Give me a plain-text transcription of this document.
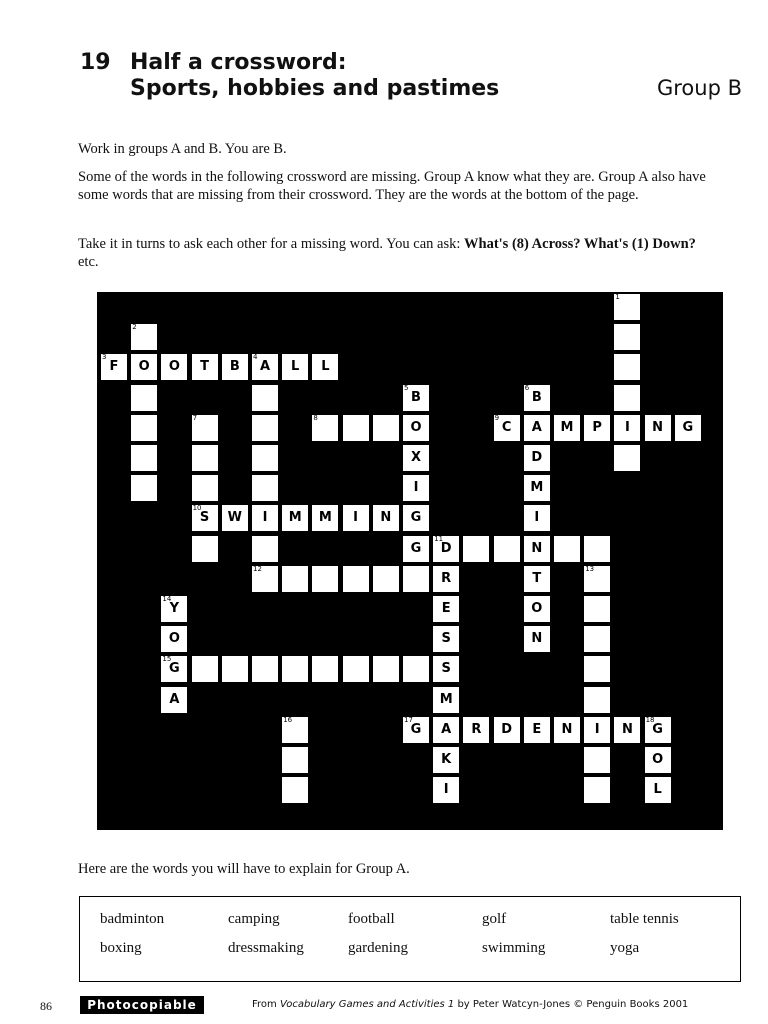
19 Half a crossword:
Sports, hobbies and pastimes	Group B
Work in groups A and B. You are B.
Some of the words in the following crossword are missing. Group A know what they are. Group A also have some words that are missing from their crossword. They are the words at the bottom of the page.
Take it in turns to ask each other for a missing word. You can ask: What's (8) Across? What's (1) Down? etc.
3
F	O	O	T	B
4
A	L	L
1
I
2
I
5
B
O
X
I
G
G
6
B
A
D
M
I
N
T
O
N
7
10
S
8	9
C	M	P	N	G
W	M	M	I	N
11
D
R
E
S
S
M
A
K
I
12	13
I
14
Y
O
15
G
A
16	17
G	R	D	E	N	N
18
G
O
L
Here are the words you will have to explain for Group A.
badminton	camping	football	golf	table tennis
boxing	dressmaking	gardening	swimming	yoga
86	Photocopiable	From Vocabulary Games and Activities 1 by Peter Watcyn-Jones © Penguin Books 2001
